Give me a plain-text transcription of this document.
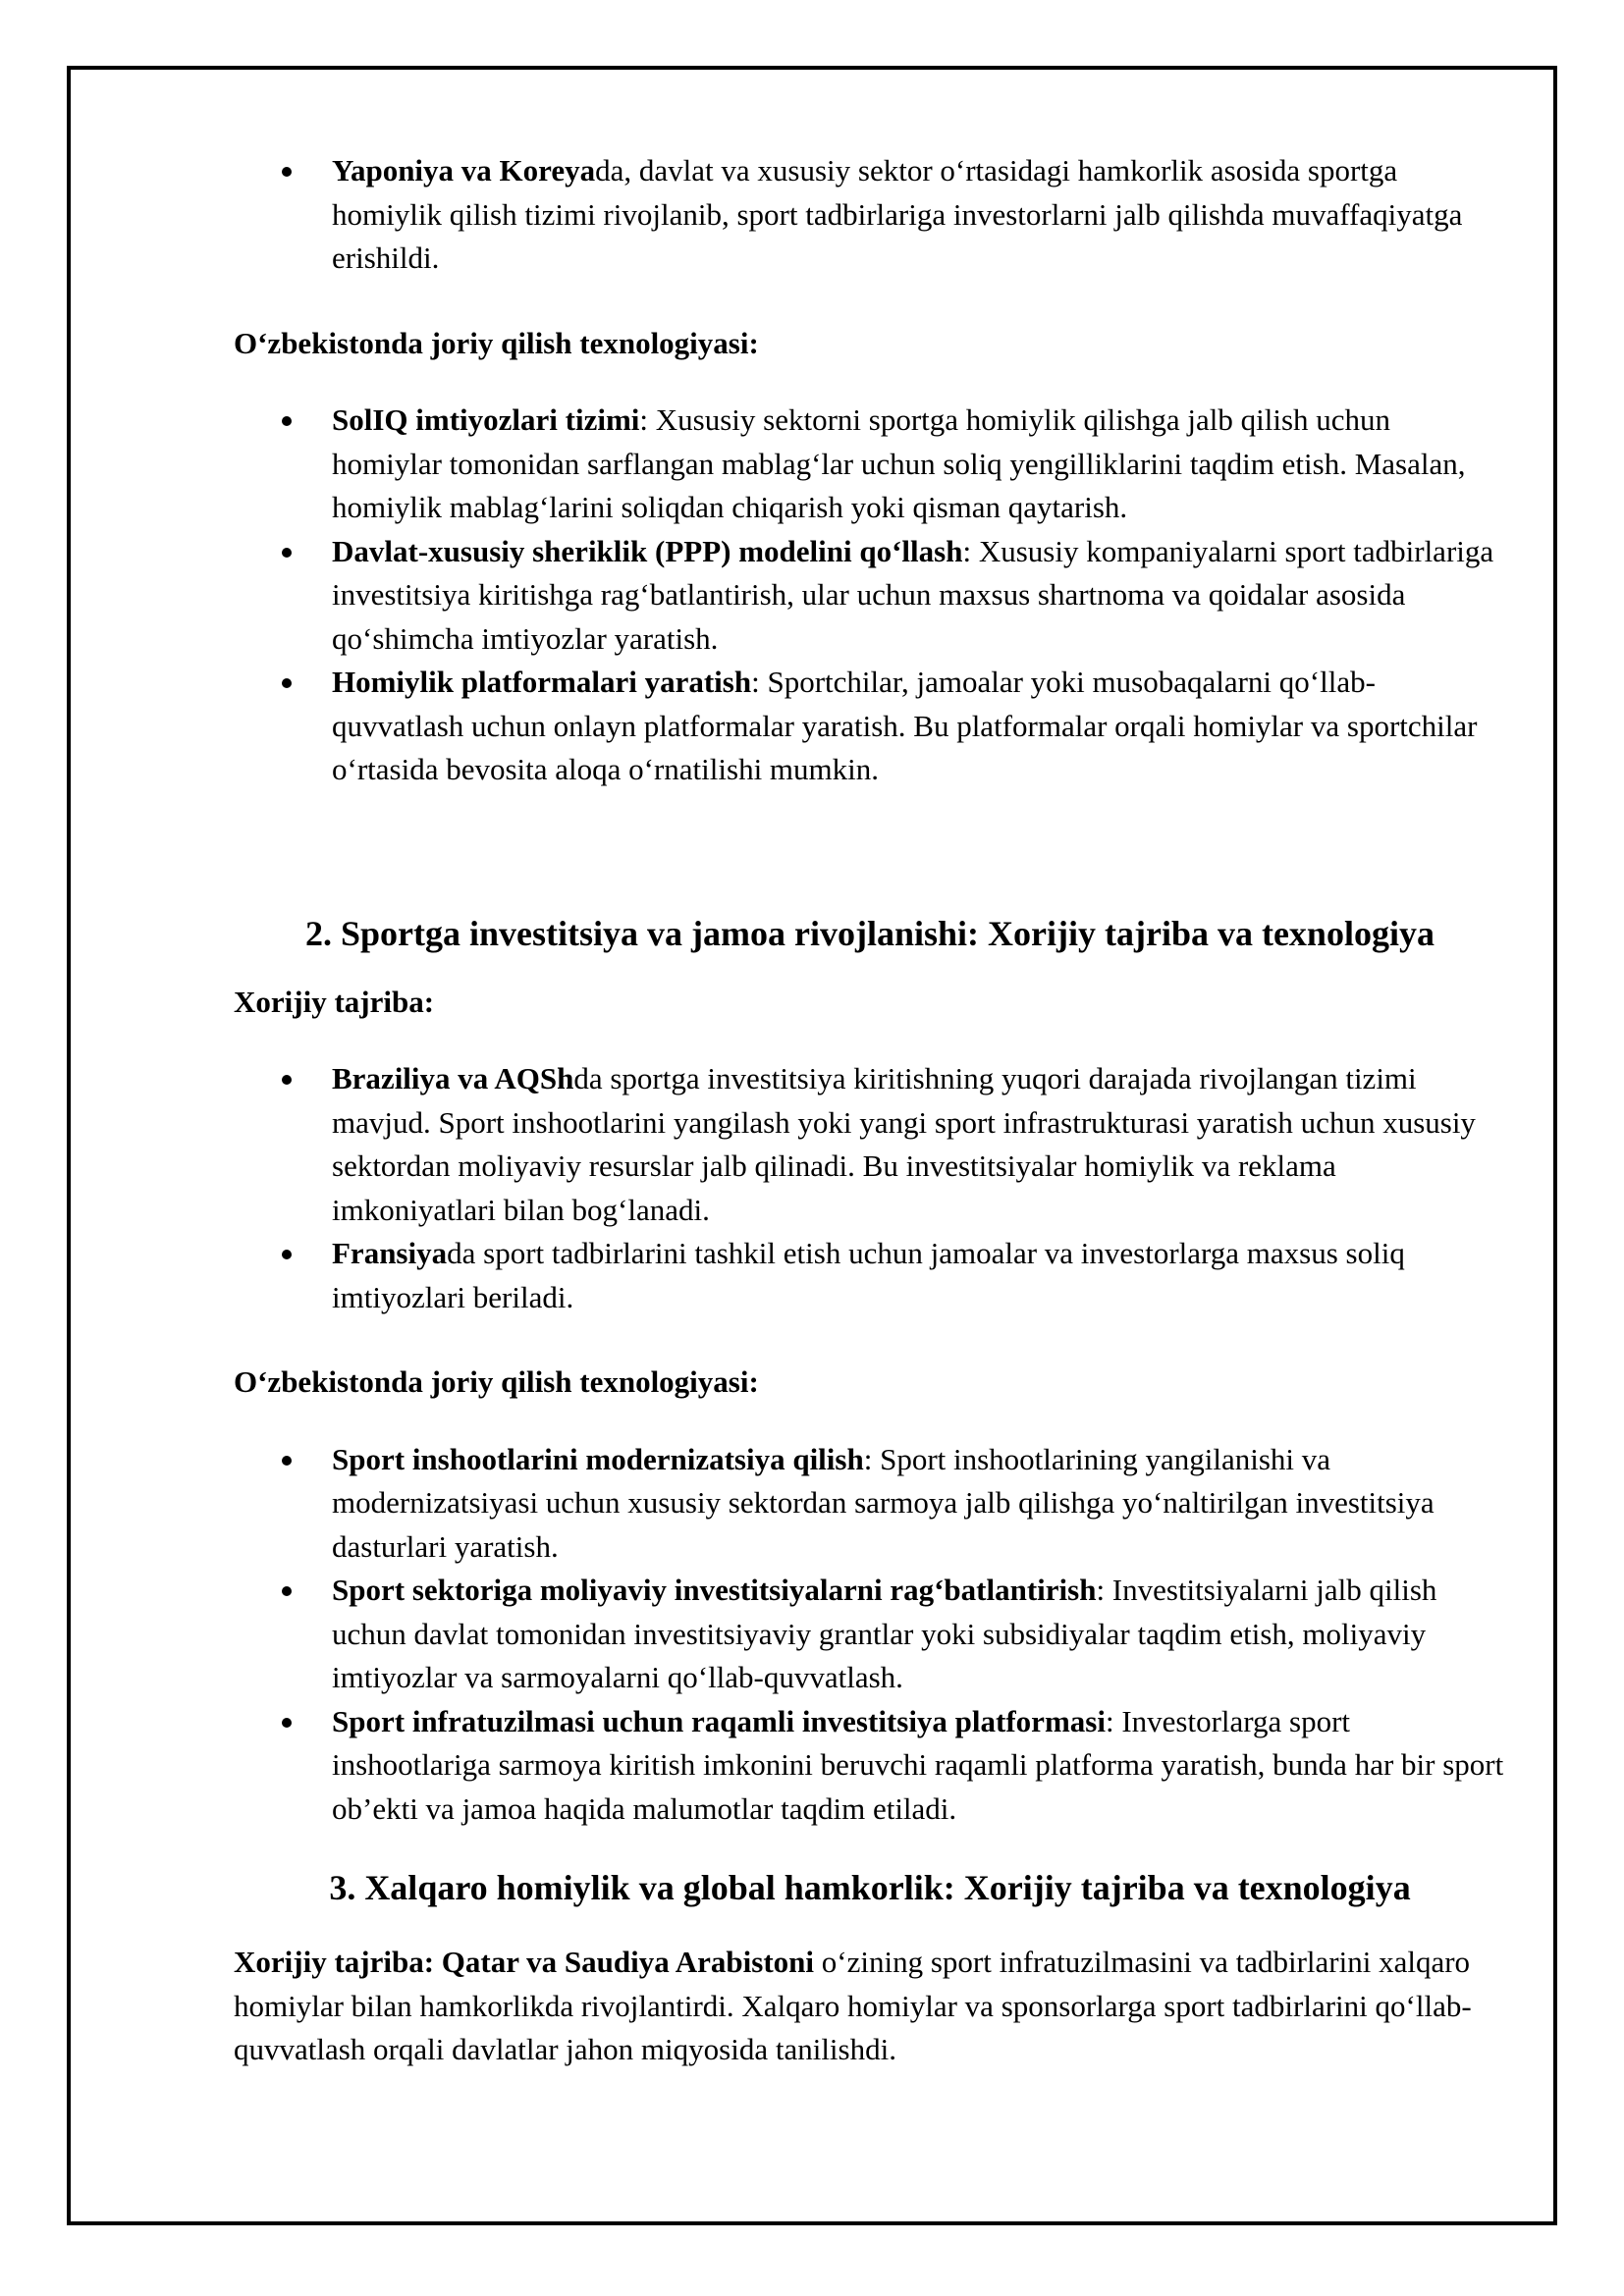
Yaponiya va Koreyada, davlat va xususiy sektor o‘rtasidagi hamkorlik asosida sportga homiylik qilish tizimi rivojlanib, sport tadbirlariga investorlarni jalb qilishda muvaffaqiyatga erishildi.

O‘zbekistonda joriy qilish texnologiyasi:

SolIQ imtiyozlari tizimi: Xususiy sektorni sportga homiylik qilishga jalb qilish uchun homiylar tomonidan sarflangan mablag‘lar uchun soliq yengilliklarini taqdim etish. Masalan, homiylik mablag‘larini soliqdan chiqarish yoki qisman qaytarish.
Davlat-xususiy sheriklik (PPP) modelini qo‘llash: Xususiy kompaniyalarni sport tadbirlariga investitsiya kiritishga rag‘batlantirish, ular uchun maxsus shartnoma va qoidalar asosida qo‘shimcha imtiyozlar yaratish.
Homiylik platformalari yaratish: Sportchilar, jamoalar yoki musobaqalarni qo‘llab-quvvatlash uchun onlayn platformalar yaratish. Bu platformalar orqali homiylar va sportchilar o‘rtasida bevosita aloqa o‘rnatilishi mumkin.
2. Sportga investitsiya va jamoa rivojlanishi: Xorijiy tajriba va texnologiya

Xorijiy tajriba:

Braziliya va AQShda sportga investitsiya kiritishning yuqori darajada rivojlangan tizimi mavjud. Sport inshootlarini yangilash yoki yangi sport infrastrukturasi yaratish uchun xususiy sektordan moliyaviy resurslar jalb qilinadi. Bu investitsiyalar homiylik va reklama imkoniyatlari bilan bog‘lanadi.
Fransiyada sport tadbirlarini tashkil etish uchun jamoalar va investorlarga maxsus soliq imtiyozlari beriladi.

O‘zbekistonda joriy qilish texnologiyasi:

Sport inshootlarini modernizatsiya qilish: Sport inshootlarining yangilanishi va modernizatsiyasi uchun xususiy sektordan sarmoya jalb qilishga yo‘naltirilgan investitsiya dasturlari yaratish.
Sport sektoriga moliyaviy investitsiyalarni rag‘batlantirish: Investitsiyalarni jalb qilish uchun davlat tomonidan investitsiyaviy grantlar yoki subsidiyalar taqdim etish, moliyaviy imtiyozlar va sarmoyalarni qo‘llab-quvvatlash.
Sport infratuzilmasi uchun raqamli investitsiya platformasi: Investorlarga sport inshootlariga sarmoya kiritish imkonini beruvchi raqamli platforma yaratish, bunda har bir sport ob’ekti va jamoa haqida malumotlar taqdim etiladi.
3. Xalqaro homiylik va global hamkorlik: Xorijiy tajriba va texnologiya

Xorijiy tajriba: Qatar va Saudiya Arabistoni o‘zining sport infratuzilmasini va tadbirlarini xalqaro homiylar bilan hamkorlikda rivojlantirdi. Xalqaro homiylar va sponsorlarga sport tadbirlarini qo‘llab-quvvatlash orqali davlatlar jahon miqyosida tanilishdi.
